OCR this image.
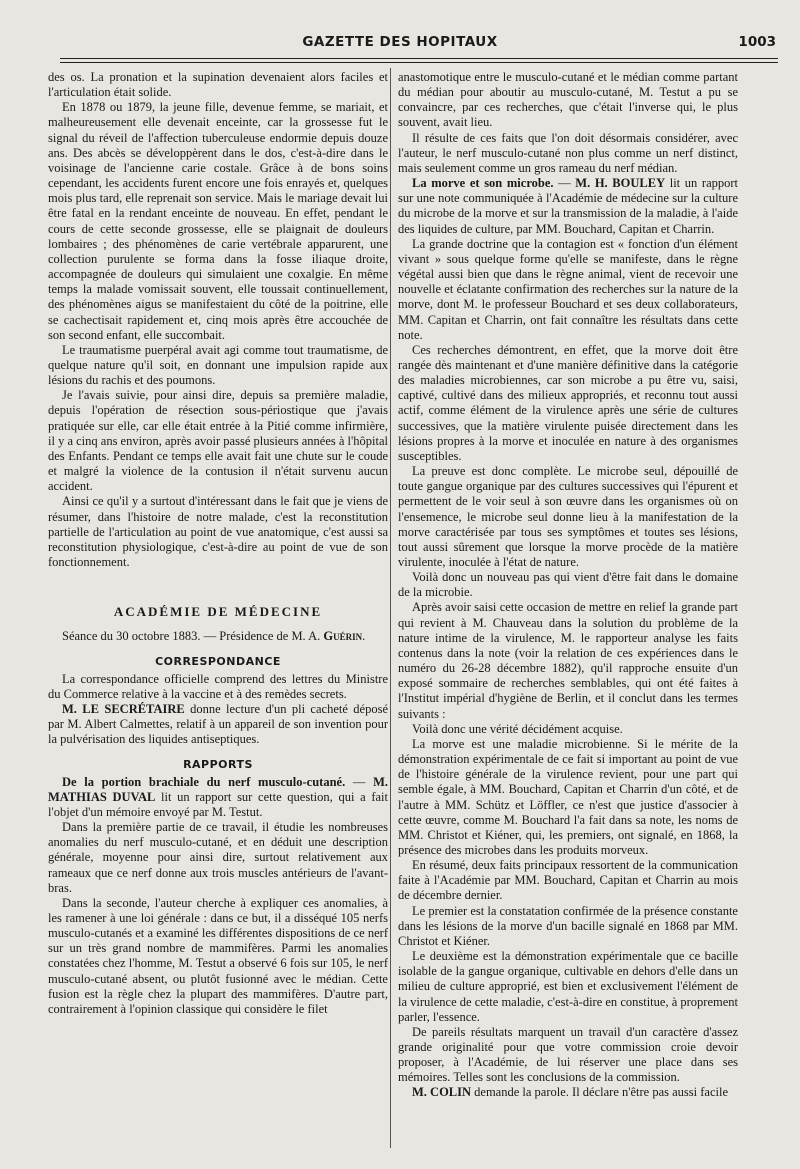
GAZETTE DES HOPITAUX	1003

des os. La pronation et la supination devenaient alors faciles et l'articulation était solide.

En 1878 ou 1879, la jeune fille, devenue femme, se mariait, et malheureusement elle devenait enceinte, car la grossesse fut le signal du réveil de l'affection tuberculeuse endormie depuis douze ans. Des abcès se développèrent dans le dos, c'est-à-dire dans le voisinage de l'ancienne carie costale. Grâce à de bons soins cependant, les accidents furent encore une fois enrayés et, quelques mois plus tard, elle reprenait son service. Mais le mariage devait lui être fatal en la rendant enceinte de nouveau. En effet, pendant le cours de cette seconde grossesse, elle se plaignait de douleurs lombaires ; des phénomènes de carie vertébrale apparurent, une collection purulente se forma dans la fosse iliaque droite, accompagnée de douleurs qui simulaient une coxalgie. En même temps la malade vomissait souvent, elle toussait continuellement, des phénomènes aigus se manifestaient du côté de la poitrine, elle se cachectisait rapidement et, cinq mois après être accouchée de son second enfant, elle succombait.

Le traumatisme puerpéral avait agi comme tout traumatisme, de quelque nature qu'il soit, en donnant une impulsion rapide aux lésions du rachis et des poumons.

Je l'avais suivie, pour ainsi dire, depuis sa première maladie, depuis l'opération de résection sous-périostique que j'avais pratiquée sur elle, car elle était entrée à la Pitié comme infirmière, il y a cinq ans environ, après avoir passé plusieurs années à l'hôpital des Enfants. Pendant ce temps elle avait fait une chute sur le coude et malgré la violence de la contusion il n'était survenu aucun accident.

Ainsi ce qu'il y a surtout d'intéressant dans le fait que je viens de résumer, dans l'histoire de notre malade, c'est la reconstitution partielle de l'articulation au point de vue anatomique, c'est aussi sa reconstitution physiologique, c'est-à-dire au point de vue de son fonctionnement.

ACADÉMIE DE MÉDECINE

Séance du 30 octobre 1883. — Présidence de M. A. Guérin.

CORRESPONDANCE

La correspondance officielle comprend des lettres du Ministre du Commerce relative à la vaccine et à des remèdes secrets.

M. LE SECRÉTAIRE donne lecture d'un pli cacheté déposé par M. Albert Calmettes, relatif à un appareil de son invention pour la pulvérisation des liquides antiseptiques.

RAPPORTS

De la portion brachiale du nerf musculo-cutané. — M. MATHIAS DUVAL lit un rapport sur cette question, qui a fait l'objet d'un mémoire envoyé par M. Testut.

Dans la première partie de ce travail, il étudie les nombreuses anomalies du nerf musculo-cutané, et en déduit une description générale, moyenne pour ainsi dire, surtout relativement aux rameaux que ce nerf donne aux trois muscles antérieurs de l'avant-bras.

Dans la seconde, l'auteur cherche à expliquer ces anomalies, à les ramener à une loi générale : dans ce but, il a disséqué 105 nerfs musculo-cutanés et a examiné les différentes dispositions de ce nerf sur un très grand nombre de mammifères. Parmi les anomalies constatées chez l'homme, M. Testut a observé 6 fois sur 105, le nerf musculo-cutané absent, ou plutôt fusionné avec le médian. Cette fusion est la règle chez la plupart des mammifères. D'autre part, contrairement à l'opinion classique qui considère le filet

anastomotique entre le musculo-cutané et le médian comme partant du médian pour aboutir au musculo-cutané, M. Testut a pu se convaincre, par ces recherches, que c'était l'inverse qui, le plus souvent, avait lieu.

Il résulte de ces faits que l'on doit désormais considérer, avec l'auteur, le nerf musculo-cutané non plus comme un nerf distinct, mais seulement comme un gros rameau du nerf médian.

La morve et son microbe. — M. H. BOULEY lit un rapport sur une note communiquée à l'Académie de médecine sur la culture du microbe de la morve et sur la transmission de la maladie, à l'aide des liquides de culture, par MM. Bouchard, Capitan et Charrin.

La grande doctrine que la contagion est « fonction d'un élément vivant » sous quelque forme qu'elle se manifeste, dans le règne végétal aussi bien que dans le règne animal, vient de recevoir une nouvelle et éclatante confirmation des recherches sur la nature de la morve, dont M. le professeur Bouchard et ses deux collaborateurs, MM. Capitan et Charrin, ont fait connaître les résultats dans cette note.

Ces recherches démontrent, en effet, que la morve doit être rangée dès maintenant et d'une manière définitive dans la catégorie des maladies microbiennes, car son microbe a pu être vu, saisi, captivé, cultivé dans des milieux appropriés, et reconnu tout aussi actif, comme élément de la virulence après une série de cultures successives, que la matière virulente puisée directement dans les lésions propres à la morve et inoculée en nature à des organismes susceptibles.

La preuve est donc complète. Le microbe seul, dépouillé de toute gangue organique par des cultures successives qui l'épurent et permettent de le voir seul à son œuvre dans les organismes où on l'ensemence, le microbe seul donne lieu à la manifestation de la morve caractérisée par tous ses symptômes et toutes ses lésions, tout aussi sûrement que lorsque la morve procède de la matière virulente, inoculée à l'état de nature.

Voilà donc un nouveau pas qui vient d'être fait dans le domaine de la microbie.

Après avoir saisi cette occasion de mettre en relief la grande part qui revient à M. Chauveau dans la solution du problème de la nature intime de la virulence, M. le rapporteur analyse les faits contenus dans la note (voir la relation de ces expériences dans le numéro du 26-28 décembre 1882), qu'il rapproche ensuite d'un exposé sommaire de recherches semblables, qui ont été faites à l'Institut impérial d'hygiène de Berlin, et il conclut dans les termes suivants :

Voilà donc une vérité décidément acquise.

La morve est une maladie microbienne. Si le mérite de la démonstration expérimentale de ce fait si important au point de vue de l'histoire générale de la virulence revient, pour une part qui semble égale, à MM. Bouchard, Capitan et Charrin d'un côté, et de l'autre à MM. Schütz et Löffler, ce n'est que justice d'associer à cette œuvre, comme M. Bouchard l'a fait dans sa note, les noms de MM. Christot et Kiéner, qui, les premiers, ont signalé, en 1868, la présence des microbes dans les produits morveux.

En résumé, deux faits principaux ressortent de la communication faite à l'Académie par MM. Bouchard, Capitan et Charrin au mois de décembre dernier.

Le premier est la constatation confirmée de la présence constante dans les lésions de la morve d'un bacille signalé en 1868 par MM. Christot et Kiéner.

Le deuxième est la démonstration expérimentale que ce bacille isolable de la gangue organique, cultivable en dehors d'elle dans un milieu de culture approprié, est bien et exclusivement l'élément de la virulence de cette maladie, c'est-à-dire en constitue, à proprement parler, l'essence.

De pareils résultats marquent un travail d'un caractère d'assez grande originalité pour que votre commission croie devoir proposer, à l'Académie, de lui réserver une place dans ses mémoires. Telles sont les conclusions de la commission.

M. COLIN demande la parole. Il déclare n'être pas aussi facile
